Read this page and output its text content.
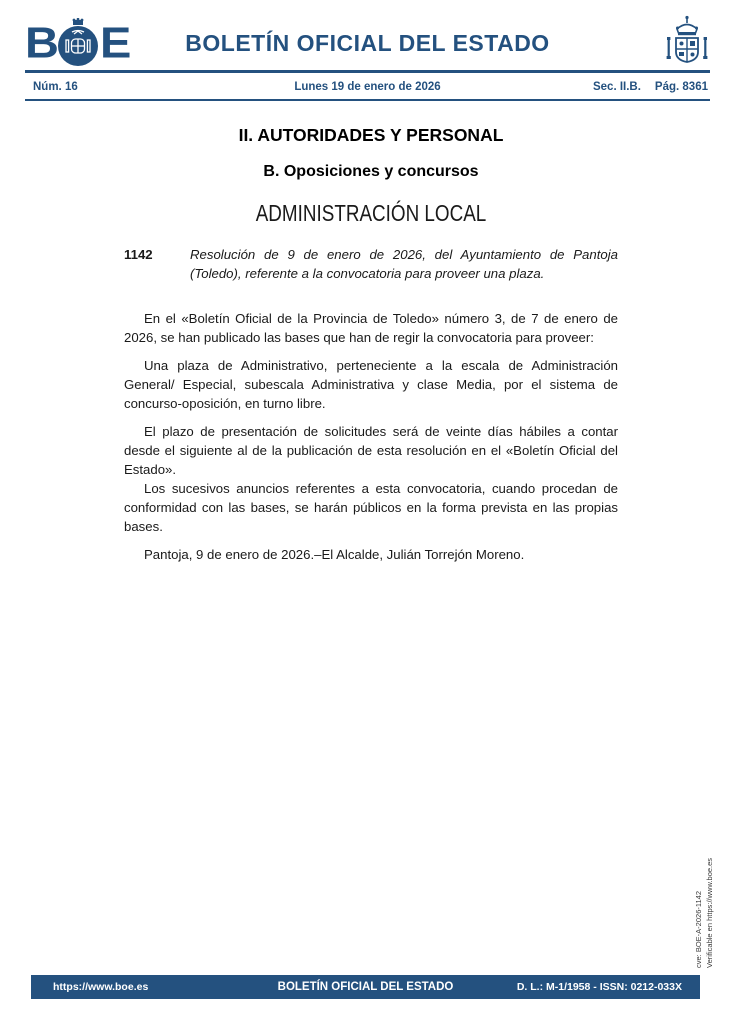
B E	BOLETÍN OFICIAL DEL ESTADO
Núm. 16	Lunes 19 de enero de 2026	Sec. II.B. Pág. 8361
II. AUTORIDADES Y PERSONAL
B. Oposiciones y concursos
ADMINISTRACIÓN LOCAL
1142	Resolución de 9 de enero de 2026, del Ayuntamiento de Pantoja (Toledo), referente a la convocatoria para proveer una plaza.

En el «Boletín Oficial de la Provincia de Toledo» número 3, de 7 de enero de 2026, se han publicado las bases que han de regir la convocatoria para proveer:

Una plaza de Administrativo, perteneciente a la escala de Administración General/ Especial, subescala Administrativa y clase Media, por el sistema de concurso-oposición, en turno libre.

El plazo de presentación de solicitudes será de veinte días hábiles a contar desde el siguiente al de la publicación de esta resolución en el «Boletín Oficial del Estado».

Los sucesivos anuncios referentes a esta convocatoria, cuando procedan de conformidad con las bases, se harán públicos en la forma prevista en las propias bases.

Pantoja, 9 de enero de 2026.–El Alcalde, Julián Torrejón Moreno.

cve: BOE-A-2026-1142 Verificable en https://www.boe.es
https://www.boe.es	BOLETÍN OFICIAL DEL ESTADO	D. L.: M-1/1958 - ISSN: 0212-033X
